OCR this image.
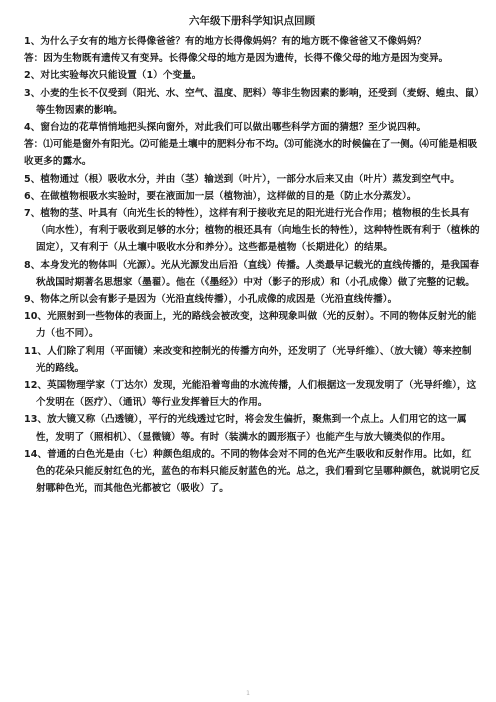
六年级下册科学知识点回顾

1、为什么子女有的地方长得像爸爸？有的地方长得像妈妈？有的地方既不像爸爸又不像妈妈？

答：因为生物既有遗传又有变异。长得像父母的地方是因为遗传，长得不像父母的地方是因为变异。

2、对比实验每次只能设置（1）个变量。

3、小麦的生长不仅受到（阳光、水、空气、温度、肥料）等非生物因素的影响，还受到（麦蚜、蝗虫、鼠）等生物因素的影响。

4、窗台边的花草悄悄地把头探向窗外，对此我们可以做出哪些科学方面的猜想？至少说四种。

答：⑴可能是窗外有阳光。⑵可能是土壤中的肥料分布不均。⑶可能浇水的时候偏在了一侧。⑷可能是相吸收更多的露水。

5、植物通过（根）吸收水分，并由（茎）输送到（叶片），一部分水后来又由（叶片）蒸发到空气中。

6、在做植物根吸水实验时，要在液面加一层（植物油），这样做的目的是（防止水分蒸发）。

7、植物的茎、叶具有（向光生长的特性），这样有利于接收充足的阳光进行光合作用；植物根的生长具有（向水性），有利于吸收到足够的水分；植物的根还具有（向地生长的特性），这种特性既有利于（植株的固定），又有利于（从土壤中吸收水分和养分）。这些都是植物（长期进化）的结果。

8、本身发光的物体叫（光源）。光从光源发出后沿（直线）传播。人类最早记载光的直线传播的，是我国春秋战国时期著名思想家（墨翟）。他在（《墨经》）中对（影子的形成）和（小孔成像）做了完整的记载。

9、物体之所以会有影子是因为（光沿直线传播），小孔成像的成因是（光沿直线传播）。

10、光照射到一些物体的表面上，光的路线会被改变，这种现象叫做（光的反射）。不同的物体反射光的能力（也不同）。

11、人们除了利用（平面镜）来改变和控制光的传播方向外，还发明了（光导纤维）、（放大镜）等来控制光的路线。

12、英国物理学家（丁达尔）发现，光能沿着弯曲的水流传播，人们根据这一发现发明了（光导纤维），这个发明在（医疗）、（通讯）等行业发挥着巨大的作用。

13、放大镜又称（凸透镜），平行的光线透过它时，将会发生偏折，聚焦到一个点上。人们用它的这一属性，发明了（照相机）、（显微镜）等。有时（装满水的圆形瓶子）也能产生与放大镜类似的作用。

14、普通的白色光是由（七）种颜色组成的。不同的物体会对不同的色光产生吸收和反射作用。比如，红色的花朵只能反射红色的光，蓝色的布料只能反射蓝色的光。总之，我们看到它呈哪种颜色，就说明它反射哪种色光，而其他色光都被它（吸收）了。

1
